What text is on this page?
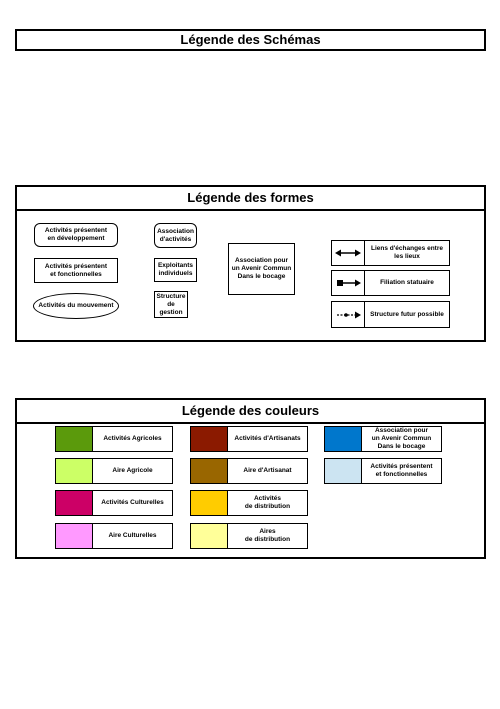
Légende des Schémas
Légende des formes
Activités présentent
en développement
Activités présentent
et fonctionnelles
Activités du mouvement
Association
d'activités
Exploitants
individuels
Structure
de
gestion
Association pour
un Avenir Commun
Dans le bocage
Liens d'échanges entre
les lieux
Filiation statuaire
Structure futur possible
Légende des couleurs
Activités Agricoles
Aire Agricole
Activités Culturelles
Aire Culturelles
Activités d'Artisanats
Aire d'Artisanat
Activités
de distribution
Aires
de distribution
Association pour
un Avenir Commun
Dans le bocage
Activités présentent
et fonctionnelles
